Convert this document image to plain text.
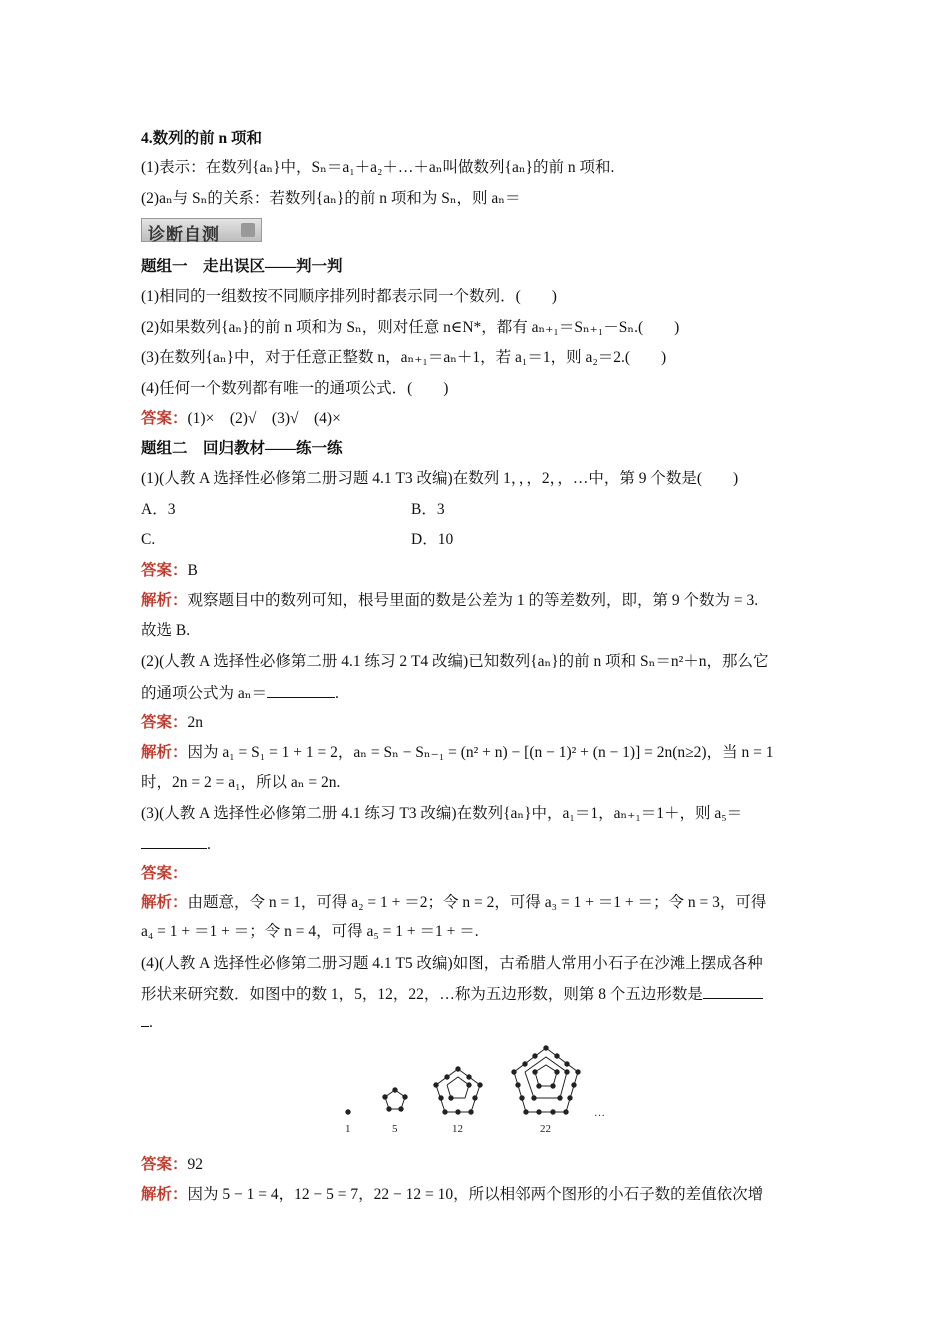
4.数列的前 n 项和
(1)表示：在数列{aₙ}中，Sₙ＝a₁＋a₂＋…＋aₙ叫做数列{aₙ}的前 n 项和.
(2)aₙ与 Sₙ的关系：若数列{aₙ}的前 n 项和为 Sₙ，则 aₙ＝
诊断自测
题组一　走出误区——判一判
(1)相同的一组数按不同顺序排列时都表示同一个数列．(　　)
(2)如果数列{aₙ}的前 n 项和为 Sₙ，则对任意 n∈N*，都有 aₙ₊₁＝Sₙ₊₁－Sₙ.(　　)
(3)在数列{aₙ}中，对于任意正整数 n，aₙ₊₁＝aₙ＋1，若 a₁＝1，则 a₂＝2.(　　)
(4)任何一个数列都有唯一的通项公式．(　　)
答案：(1)×　(2)√　(3)√　(4)×
题组二　回归教材——练一练
(1)(人教 A 选择性必修第二册习题 4.1 T3 改编)在数列 1，，，2，，…中，第 9 个数是(　　)
A．3	B．3
C.	D．10
答案：B
解析：观察题目中的数列可知，根号里面的数是公差为 1 的等差数列，即，第 9 个数为 = 3.
故选 B.
(2)(人教 A 选择性必修第二册 4.1 练习 2 T4 改编)已知数列{aₙ}的前 n 项和 Sₙ＝n²＋n，那么它
的通项公式为 aₙ＝	.
答案：2n
解析：因为 a₁ = S₁ = 1 + 1 = 2，aₙ = Sₙ − Sₙ₋₁ = (n² + n) − [(n − 1)² + (n − 1)] = 2n(n≥2)，当 n = 1
时，2n = 2 = a₁，所以 aₙ = 2n.
(3)(人教 A 选择性必修第二册 4.1 练习 T3 改编)在数列{aₙ}中，a₁＝1，aₙ₊₁＝1＋，则 a₅＝
.
答案：
解析：由题意，令 n = 1，可得 a₂ = 1 + ＝2；令 n = 2，可得 a₃ = 1 + ＝1 + ＝；令 n = 3，可得
a₄ = 1 + ＝1 + ＝；令 n = 4，可得 a₅ = 1 + ＝1 + ＝.
(4)(人教 A 选择性必修第二册习题 4.1 T5 改编)如图，古希腊人常用小石子在沙滩上摆成各种
形状来研究数．如图中的数 1，5，12，22，…称为五边形数，则第 8 个五边形数是
.
1	5	12	22
…
答案：92
解析：因为 5 − 1 = 4，12 − 5 = 7，22 − 12 = 10，所以相邻两个图形的小石子数的差值依次增
